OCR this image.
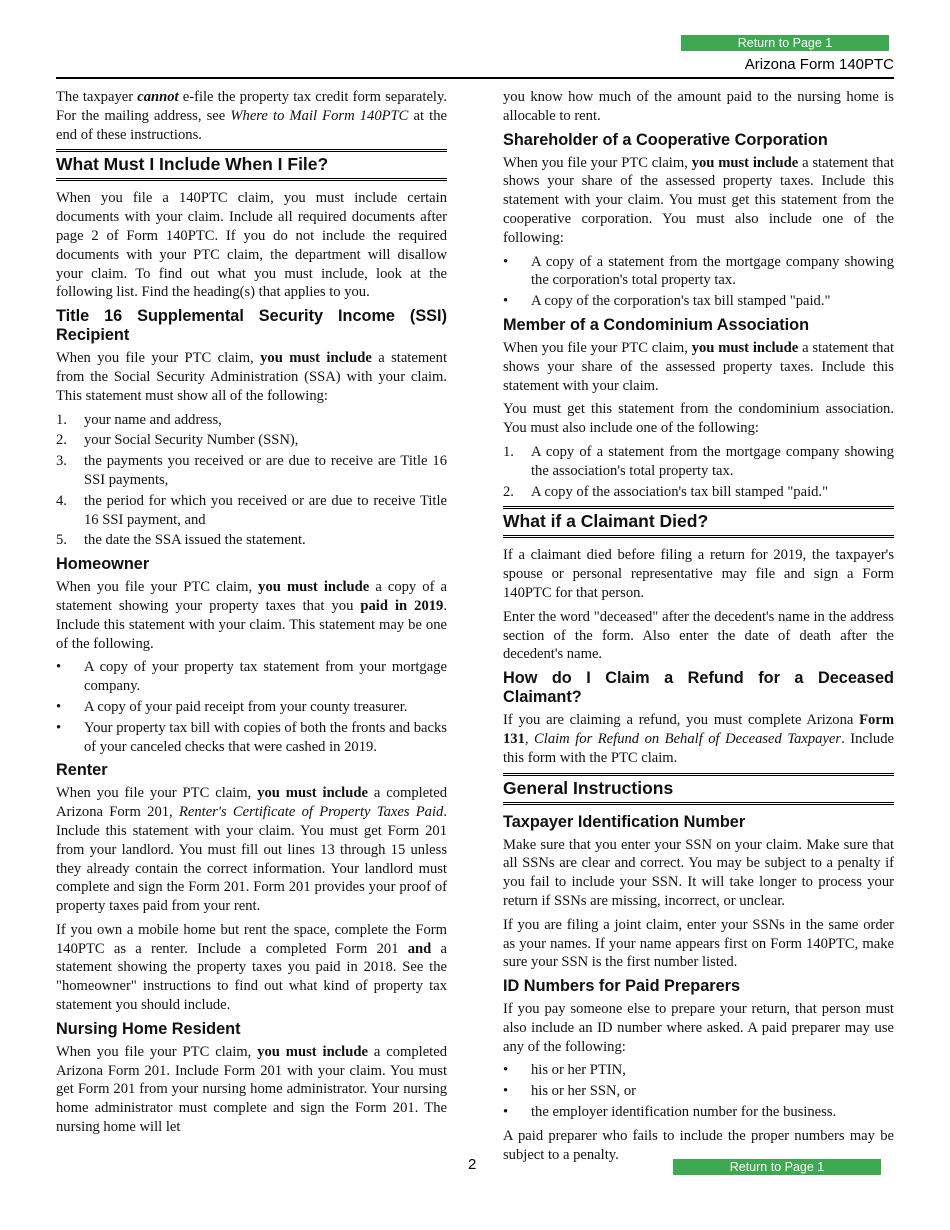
Return to Page 1
Arizona Form 140PTC

The taxpayer cannot e-file the property tax credit form separately. For the mailing address, see Where to Mail Form 140PTC at the end of these instructions.

What Must I Include When I File?

When you file a 140PTC claim, you must include certain documents with your claim. Include all required documents after page 2 of Form 140PTC. If you do not include the required documents with your PTC claim, the department will disallow your claim. To find out what you must include, look at the following list. Find the heading(s) that applies to you.

Title 16 Supplemental Security Income (SSI) Recipient

When you file your PTC claim, you must include a statement from the Social Security Administration (SSA) with your claim. This statement must show all of the following:

1. your name and address,
2. your Social Security Number (SSN),
3. the payments you received or are due to receive are Title 16 SSI payments,
4. the period for which you received or are due to receive Title 16 SSI payment, and
5. the date the SSA issued the statement.
Homeowner

When you file your PTC claim, you must include a copy of a statement showing your property taxes that you paid in 2019. Include this statement with your claim. This statement may be one of the following.

• A copy of your property tax statement from your mortgage company.
• A copy of your paid receipt from your county treasurer.
• Your property tax bill with copies of both the fronts and backs of your canceled checks that were cashed in 2019.
Renter

When you file your PTC claim, you must include a completed Arizona Form 201, Renter's Certificate of Property Taxes Paid. Include this statement with your claim. You must get Form 201 from your landlord. You must fill out lines 13 through 15 unless they already contain the correct information. Your landlord must complete and sign the Form 201. Form 201 provides your proof of property taxes paid from your rent.

If you own a mobile home but rent the space, complete the Form 140PTC as a renter. Include a completed Form 201 and a statement showing the property taxes you paid in 2018. See the "homeowner" instructions to find out what kind of property tax statement you should include.

Nursing Home Resident

When you file your PTC claim, you must include a completed Arizona Form 201. Include Form 201 with your claim. You must get Form 201 from your nursing home administrator. Your nursing home administrator must complete and sign the Form 201. The nursing home will let

you know how much of the amount paid to the nursing home is allocable to rent.

Shareholder of a Cooperative Corporation

When you file your PTC claim, you must include a statement that shows your share of the assessed property taxes. Include this statement with your claim. You must get this statement from the cooperative corporation. You must also include one of the following:

• A copy of a statement from the mortgage company showing the corporation's total property tax.
• A copy of the corporation's tax bill stamped "paid."
Member of a Condominium Association

When you file your PTC claim, you must include a statement that shows your share of the assessed property taxes. Include this statement with your claim.

You must get this statement from the condominium association. You must also include one of the following:

1. A copy of a statement from the mortgage company showing the association's total property tax.
2. A copy of the association's tax bill stamped "paid."
What if a Claimant Died?

If a claimant died before filing a return for 2019, the taxpayer's spouse or personal representative may file and sign a Form 140PTC for that person.

Enter the word "deceased" after the decedent's name in the address section of the form. Also enter the date of death after the decedent's name.

How do I Claim a Refund for a Deceased Claimant?

If you are claiming a refund, you must complete Arizona Form 131, Claim for Refund on Behalf of Deceased Taxpayer. Include this form with the PTC claim.

General Instructions
Taxpayer Identification Number

Make sure that you enter your SSN on your claim. Make sure that all SSNs are clear and correct. You may be subject to a penalty if you fail to include your SSN. It will take longer to process your return if SSNs are missing, incorrect, or unclear.

If you are filing a joint claim, enter your SSNs in the same order as your names. If your name appears first on Form 140PTC, make sure your SSN is the first number listed.

ID Numbers for Paid Preparers

If you pay someone else to prepare your return, that person must also include an ID number where asked. A paid preparer may use any of the following:

• his or her PTIN,
• his or her SSN, or
• the employer identification number for the business.

A paid preparer who fails to include the proper numbers may be subject to a penalty.

2	Return to Page 1
